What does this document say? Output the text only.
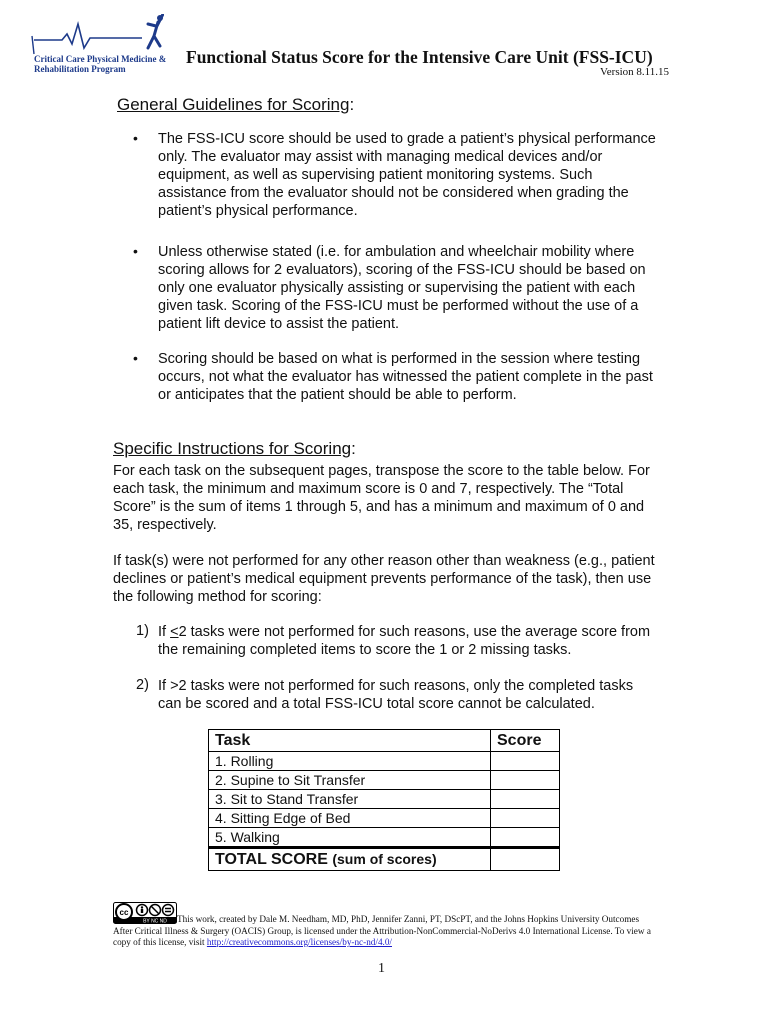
Critical Care Physical Medicine &
Rehabilitation Program
Functional Status Score for the Intensive Care Unit (FSS-ICU)
Version 8.11.15
General Guidelines for Scoring:
• The FSS-ICU score should be used to grade a patient’s physical performance only. The evaluator may assist with managing medical devices and/or equipment, as well as supervising patient monitoring systems. Such assistance from the evaluator should not be considered when grading the patient’s physical performance.
• Unless otherwise stated (i.e. for ambulation and wheelchair mobility where scoring allows for 2 evaluators), scoring of the FSS-ICU should be based on only one evaluator physically assisting or supervising the patient with each given task. Scoring of the FSS-ICU must be performed without the use of a patient lift device to assist the patient.
• Scoring should be based on what is performed in the session where testing occurs, not what the evaluator has witnessed the patient complete in the past or anticipates that the patient should be able to perform.
Specific Instructions for Scoring:
For each task on the subsequent pages, transpose the score to the table below. For each task, the minimum and maximum score is 0 and 7, respectively. The “Total Score” is the sum of items 1 through 5, and has a minimum and maximum of 0 and 35, respectively.
If task(s) were not performed for any other reason other than weakness (e.g., patient declines or patient’s medical equipment prevents performance of the task), then use the following method for scoring:
1) If <2 tasks were not performed for such reasons, use the average score from the remaining completed items to score the 1 or 2 missing tasks.
2) If >2 tasks were not performed for such reasons, only the completed tasks can be scored and a total FSS-ICU total score cannot be calculated.
Task	Score
1. Rolling	
2. Supine to Sit Transfer	
3. Sit to Stand Transfer	
4. Sitting Edge of Bed	
5. Walking	
TOTAL SCORE (sum of scores)	
cc
BY NC ND	This work, created by Dale M. Needham, MD, PhD, Jennifer Zanni, PT, DScPT, and the Johns Hopkins University Outcomes After Critical Illness & Surgery (OACIS) Group, is licensed under the Attribution-NonCommercial-NoDerivs 4.0 International License. To view a copy of this license, visit http://creativecommons.org/licenses/by-nc-nd/4.0/
1
